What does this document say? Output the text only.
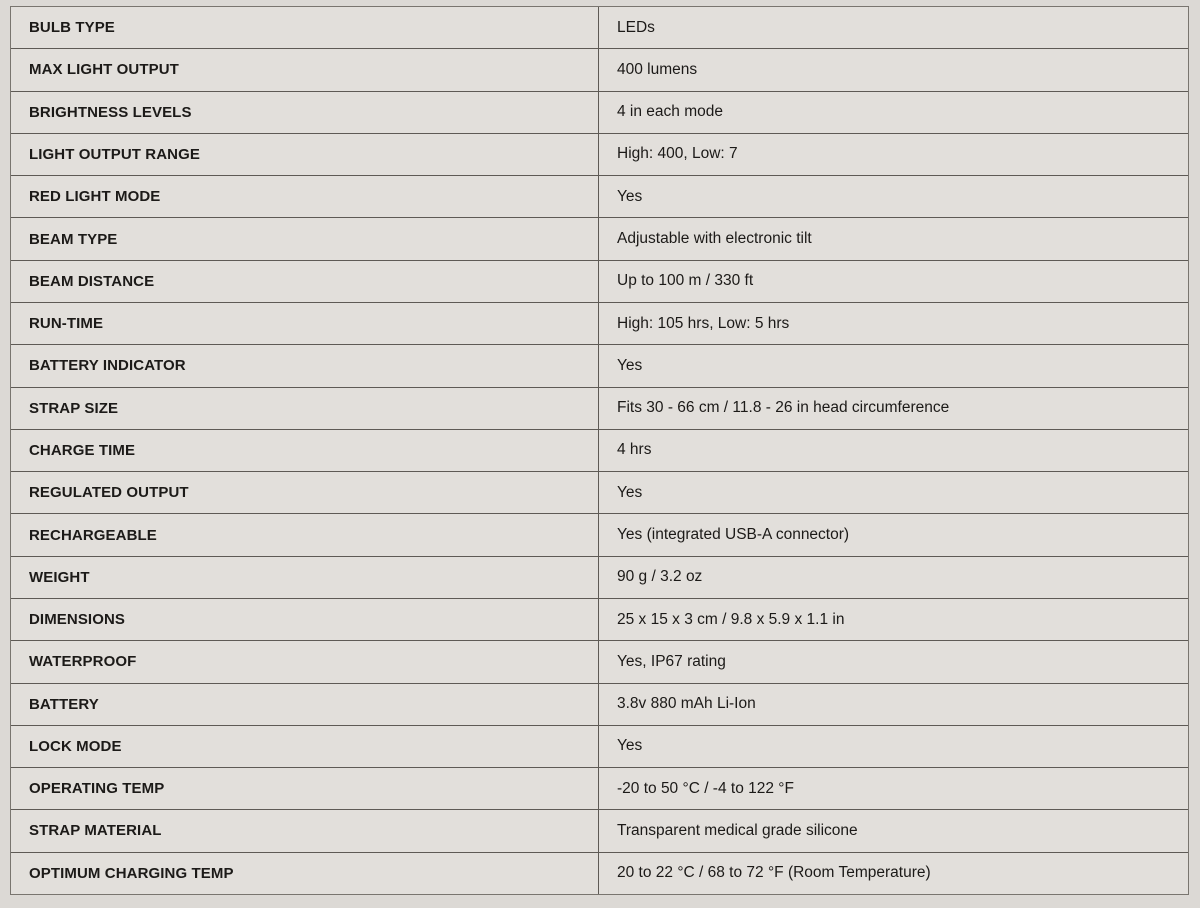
BULB TYPE	LEDs
MAX LIGHT OUTPUT	400 lumens
BRIGHTNESS LEVELS	4 in each mode
LIGHT OUTPUT RANGE	High: 400, Low: 7
RED LIGHT MODE	Yes
BEAM TYPE	Adjustable with electronic tilt
BEAM DISTANCE	Up to 100 m / 330 ft
RUN-TIME	High: 105 hrs, Low: 5 hrs
BATTERY INDICATOR	Yes
STRAP SIZE	Fits 30 - 66 cm / 11.8 - 26 in head circumference
CHARGE TIME	4 hrs
REGULATED OUTPUT	Yes
RECHARGEABLE	Yes (integrated USB-A connector)
WEIGHT	90 g / 3.2 oz
DIMENSIONS	25 x 15 x 3 cm / 9.8 x 5.9 x 1.1 in
WATERPROOF	Yes, IP67 rating
BATTERY	3.8v 880 mAh Li-Ion
LOCK MODE	Yes
OPERATING TEMP	-20 to 50 °C / -4 to 122 °F
STRAP MATERIAL	Transparent medical grade silicone
OPTIMUM CHARGING TEMP	20 to 22 °C / 68 to 72 °F (Room Temperature)
